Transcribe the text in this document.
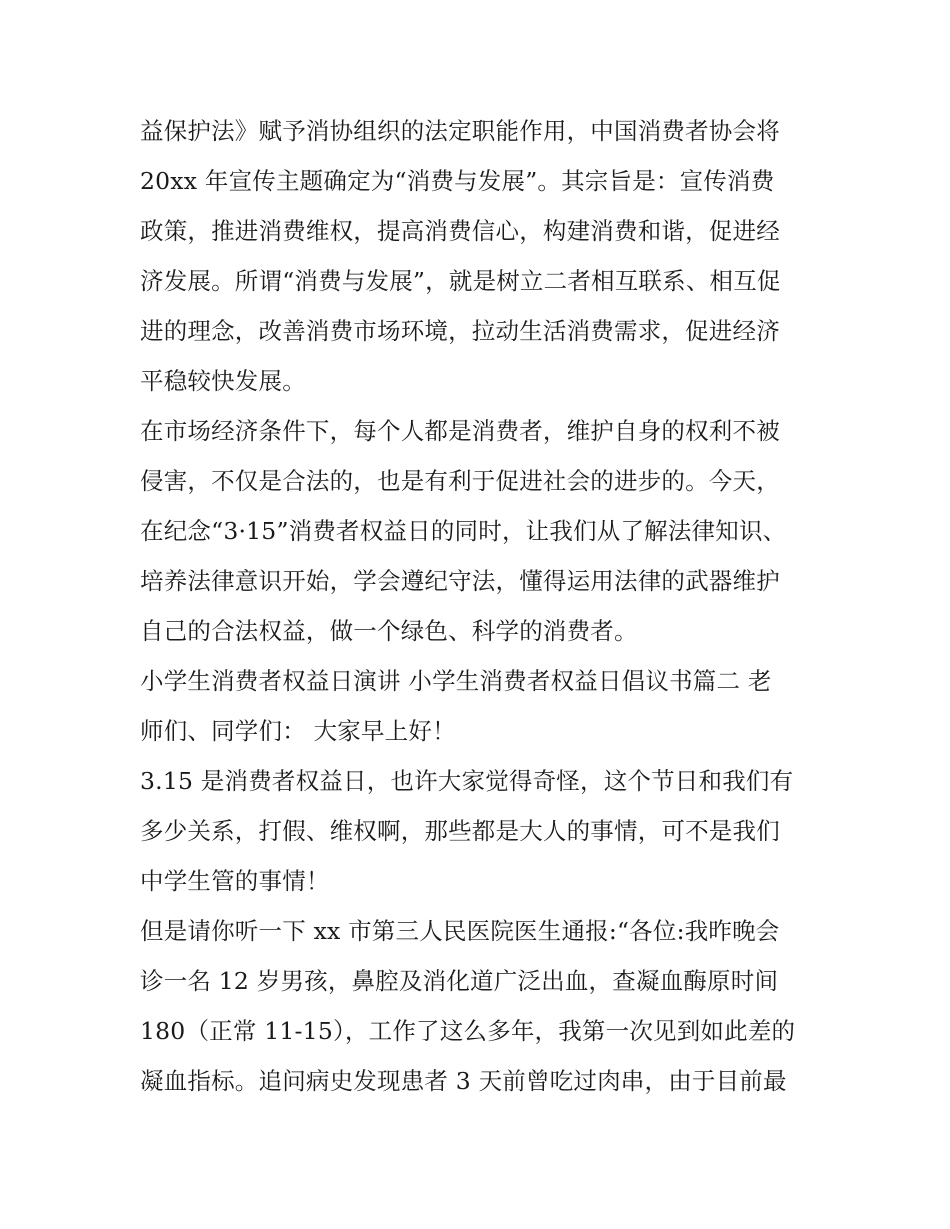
益保护法》赋予消协组织的法定职能作用，中国消费者协会将
20xx 年宣传主题确定为“消费与发展”。其宗旨是：宣传消费
政策，推进消费维权，提高消费信心，构建消费和谐，促进经
济发展。所谓“消费与发展”，就是树立二者相互联系、相互促
进的理念，改善消费市场环境，拉动生活消费需求，促进经济
平稳较快发展。
在市场经济条件下，每个人都是消费者，维护自身的权利不被
侵害，不仅是合法的，也是有利于促进社会的进步的。今天，
在纪念“3·15”消费者权益日的同时，让我们从了解法律知识、
培养法律意识开始，学会遵纪守法，懂得运用法律的武器维护
自己的合法权益，做一个绿色、科学的消费者。
小学生消费者权益日演讲 小学生消费者权益日倡议书篇二 老
师们、同学们： 大家早上好！
3.15 是消费者权益日，也许大家觉得奇怪，这个节日和我们有
多少关系，打假、维权啊，那些都是大人的事情，可不是我们
中学生管的事情！
但是请你听一下 xx 市第三人民医院医生通报:“各位:我昨晚会
诊一名 12 岁男孩，鼻腔及消化道广泛出血，查凝血酶原时间
180（正常 11-15），工作了这么多年，我第一次见到如此差的
凝血指标。追问病史发现患者 3 天前曾吃过肉串，由于目前最
